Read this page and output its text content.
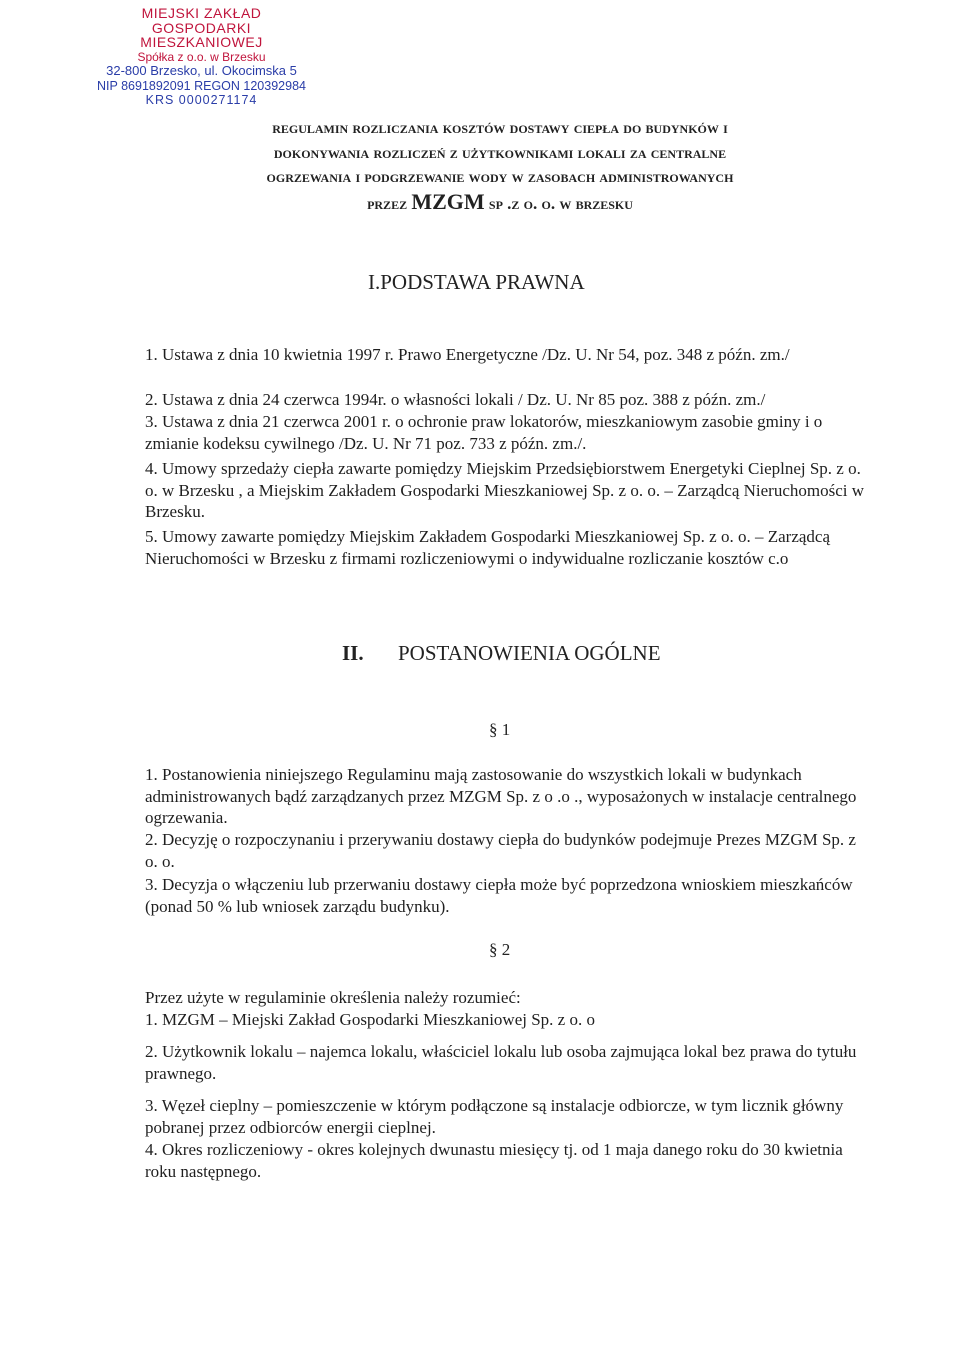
MIEJSKI ZAKŁAD
GOSPODARKI MIESZKANIOWEJ
Spółka z o.o. w Brzesku
32-800 Brzesko, ul. Okocimska 5
NIP 8691892091 REGON 120392984
KRS 0000271174
regulamin rozliczania kosztów dostawy ciepła do budynków i
dokonywania rozliczeń z użytkownikami lokali za centralne
ogrzewania i podgrzewanie wody w zasobach administrowanych
przez MZGM sp .z o. o. w brzesku
I.PODSTAWA PRAWNA
1. Ustawa z dnia 10 kwietnia 1997 r. Prawo Energetyczne /Dz. U. Nr 54, poz. 348 z późn. zm./
2. Ustawa z dnia 24 czerwca 1994r. o własności lokali / Dz. U. Nr 85 poz. 388 z późn. zm./
3. Ustawa z dnia 21 czerwca 2001 r. o ochronie praw lokatorów, mieszkaniowym zasobie gminy i o zmianie kodeksu cywilnego /Dz. U. Nr 71 poz. 733 z późn. zm./.
4. Umowy sprzedaży ciepła zawarte pomiędzy Miejskim Przedsiębiorstwem Energetyki Cieplnej Sp. z o. o. w Brzesku , a Miejskim Zakładem Gospodarki Mieszkaniowej Sp. z o. o. – Zarządcą Nieruchomości w Brzesku.
5. Umowy zawarte pomiędzy Miejskim Zakładem Gospodarki Mieszkaniowej Sp. z o. o. – Zarządcą Nieruchomości w Brzesku z firmami rozliczeniowymi o indywidualne rozliczanie kosztów c.o
II. POSTANOWIENIA OGÓLNE
§ 1
1. Postanowienia niniejszego Regulaminu mają zastosowanie do wszystkich lokali w budynkach administrowanych bądź zarządzanych przez MZGM Sp. z o .o ., wyposażonych w instalacje centralnego ogrzewania.
2. Decyzję o rozpoczynaniu i przerywaniu dostawy ciepła do budynków podejmuje Prezes MZGM Sp. z o. o.
3. Decyzja o włączeniu lub przerwaniu dostawy ciepła może być poprzedzona wnioskiem mieszkańców (ponad 50 % lub wniosek zarządu budynku).
§ 2
Przez użyte w regulaminie określenia należy rozumieć:
1. MZGM – Miejski Zakład Gospodarki Mieszkaniowej Sp. z o. o
2. Użytkownik lokalu – najemca lokalu, właściciel lokalu lub osoba zajmująca lokal bez prawa do tytułu prawnego.
3. Węzeł cieplny – pomieszczenie w którym podłączone są instalacje odbiorcze, w tym licznik główny pobranej przez odbiorców energii cieplnej.
4. Okres rozliczeniowy - okres kolejnych dwunastu miesięcy tj. od 1 maja danego roku do 30 kwietnia roku następnego.
